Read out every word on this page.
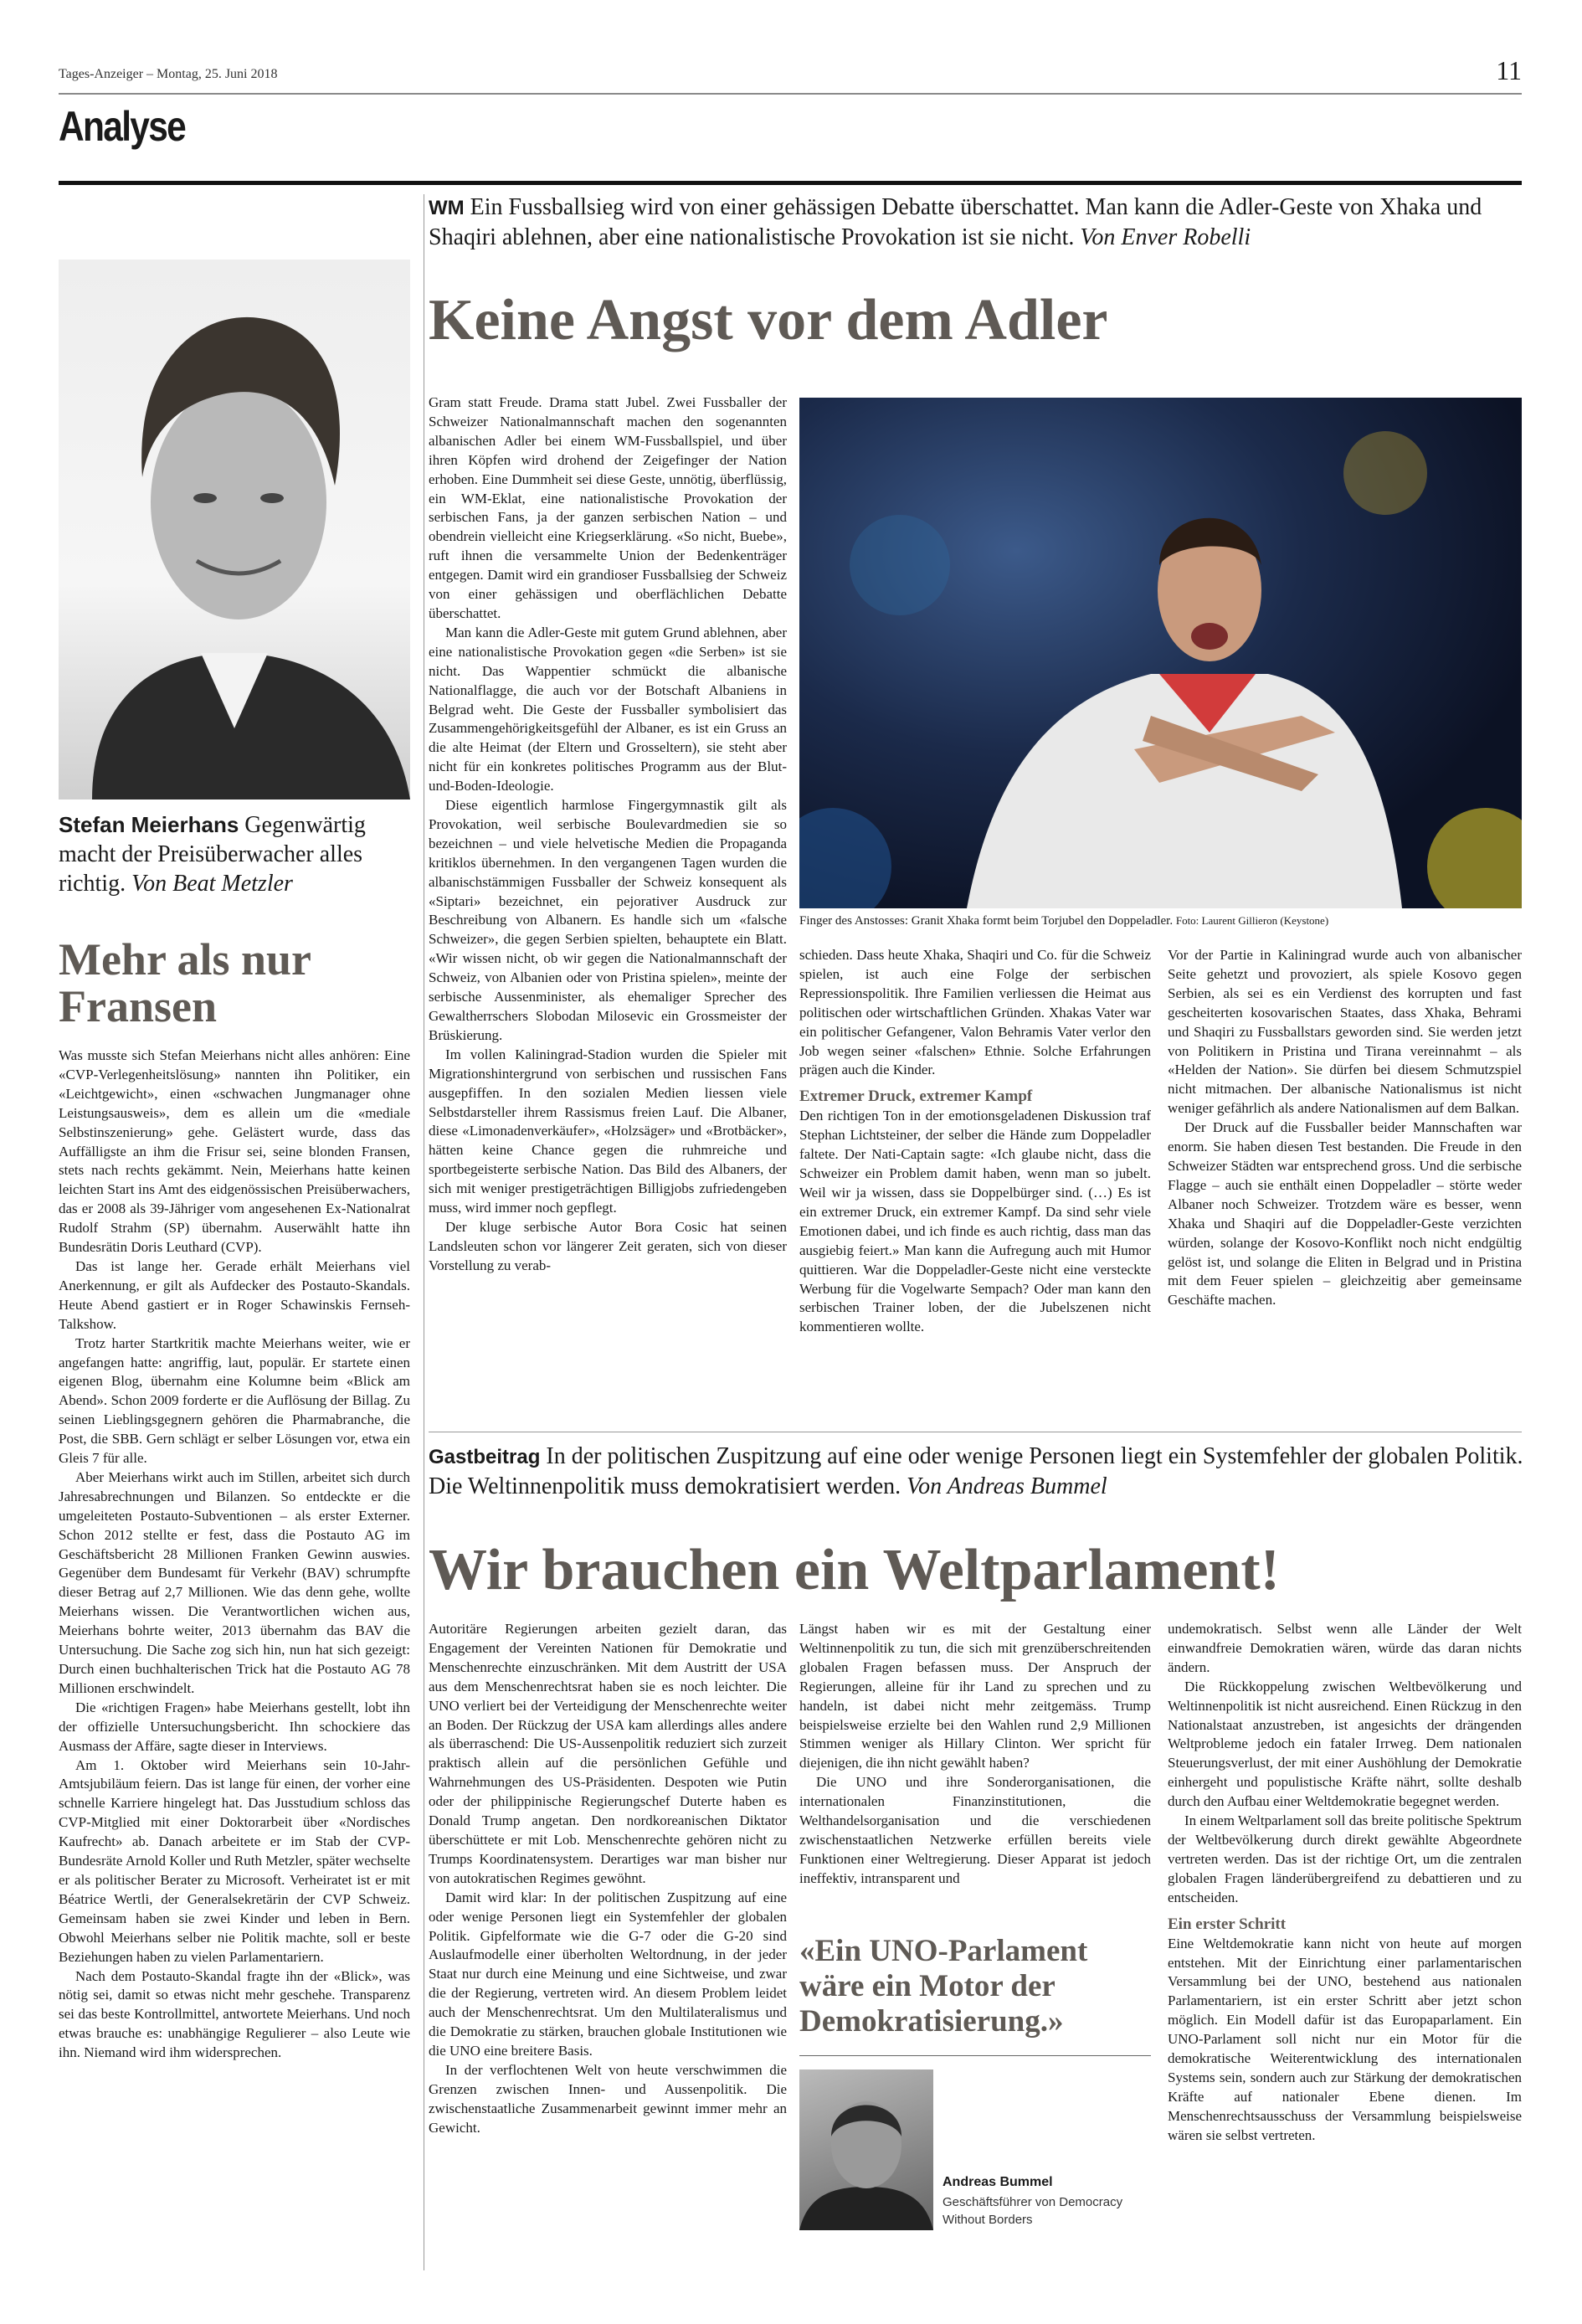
Tages-Anzeiger – Montag, 25. Juni 2018	11
Analyse
Stefan Meierhans Gegenwärtig macht der Preisüberwacher alles richtig. Von Beat Metzler
Mehr als nur Fransen

Was musste sich Stefan Meierhans nicht alles anhören: Eine «CVP-Verlegenheitslösung» nannten ihn Politiker, ein «Leichtgewicht», einen «schwachen Jungmanager ohne Leistungsausweis», dem es allein um die «mediale Selbstinszenierung» gehe. Gelästert wurde, dass das Auffälligste an ihm die Frisur sei, seine blonden Fransen, stets nach rechts gekämmt. Nein, Meierhans hatte keinen leichten Start ins Amt des eidgenössischen Preisüberwachers, das er 2008 als 39-Jähriger vom angesehenen Ex-Nationalrat Rudolf Strahm (SP) übernahm. Auserwählt hatte ihn Bundesrätin Doris Leuthard (CVP).

Das ist lange her. Gerade erhält Meierhans viel Anerkennung, er gilt als Aufdecker des Postauto-Skandals. Heute Abend gastiert er in Roger Schawinskis Fernseh-Talkshow.

Trotz harter Startkritik machte Meierhans weiter, wie er angefangen hatte: angriffig, laut, populär. Er startete einen eigenen Blog, übernahm eine Kolumne beim «Blick am Abend». Schon 2009 forderte er die Auflösung der Billag. Zu seinen Lieblingsgegnern gehören die Pharmabranche, die Post, die SBB. Gern schlägt er selber Lösungen vor, etwa ein Gleis 7 für alle.

Aber Meierhans wirkt auch im Stillen, arbeitet sich durch Jahresabrechnungen und Bilanzen. So entdeckte er die umgeleiteten Postauto-Subventionen – als erster Externer. Schon 2012 stellte er fest, dass die Postauto AG im Geschäftsbericht 28 Millionen Franken Gewinn auswies. Gegenüber dem Bundesamt für Verkehr (BAV) schrumpfte dieser Betrag auf 2,7 Millionen. Wie das denn gehe, wollte Meierhans wissen. Die Verantwortlichen wichen aus, Meierhans bohrte weiter, 2013 übernahm das BAV die Untersuchung. Die Sache zog sich hin, nun hat sich gezeigt: Durch einen buchhalterischen Trick hat die Postauto AG 78 Millionen erschwindelt.

Die «richtigen Fragen» habe Meierhans gestellt, lobt ihn der offizielle Untersuchungsbericht. Ihn schockiere das Ausmass der Affäre, sagte dieser in Interviews.

Am 1. Oktober wird Meierhans sein 10-Jahr-Amtsjubiläum feiern. Das ist lange für einen, der vorher eine schnelle Karriere hingelegt hat. Das Jusstudium schloss das CVP-Mitglied mit einer Doktorarbeit über «Nordisches Kaufrecht» ab. Danach arbeitete er im Stab der CVP-Bundesräte Arnold Koller und Ruth Metzler, später wechselte er als politischer Berater zu Microsoft. Verheiratet ist er mit Béatrice Wertli, der Generalsekretärin der CVP Schweiz. Gemeinsam haben sie zwei Kinder und leben in Bern. Obwohl Meierhans selber nie Politik machte, soll er beste Beziehungen haben zu vielen Parlamentariern.

Nach dem Postauto-Skandal fragte ihn der «Blick», was nötig sei, damit so etwas nicht mehr geschehe. Transparenz sei das beste Kontrollmittel, antwortete Meierhans. Und noch etwas brauche es: unabhängige Regulierer – also Leute wie ihn. Niemand wird ihm widersprechen.

WM Ein Fussballsieg wird von einer gehässigen Debatte überschattet. Man kann die Adler-Geste von Xhaka und Shaqiri ablehnen, aber eine nationalistische Provokation ist sie nicht. Von Enver Robelli
Keine Angst vor dem Adler

Gram statt Freude. Drama statt Jubel. Zwei Fussballer der Schweizer Nationalmannschaft machen den sogenannten albanischen Adler bei einem WM-Fussballspiel, und über ihren Köpfen wird drohend der Zeigefinger der Nation erhoben. Eine Dummheit sei diese Geste, unnötig, überflüssig, ein WM-Eklat, eine nationalistische Provokation der serbischen Fans, ja der ganzen serbischen Nation – und obendrein vielleicht eine Kriegserklärung. «So nicht, Buebe», ruft ihnen die versammelte Union der Bedenkenträger entgegen. Damit wird ein grandioser Fussballsieg der Schweiz von einer gehässigen und oberflächlichen Debatte überschattet.

Man kann die Adler-Geste mit gutem Grund ablehnen, aber eine nationalistische Provokation gegen «die Serben» ist sie nicht. Das Wappentier schmückt die albanische Nationalflagge, die auch vor der Botschaft Albaniens in Belgrad weht. Die Geste der Fussballer symbolisiert das Zusammengehörigkeitsgefühl der Albaner, es ist ein Gruss an die alte Heimat (der Eltern und Grosseltern), sie steht aber nicht für ein konkretes politisches Programm aus der Blut-und-Boden-Ideologie.

Diese eigentlich harmlose Fingergymnastik gilt als Provokation, weil serbische Boulevardmedien sie so bezeichnen – und viele helvetische Medien die Propaganda kritiklos übernehmen. In den vergangenen Tagen wurden die albanischstämmigen Fussballer der Schweiz konsequent als «Siptari» bezeichnet, ein pejorativer Ausdruck zur Beschreibung von Albanern. Es handle sich um «falsche Schweizer», die gegen Serbien spielten, behauptete ein Blatt. «Wir wissen nicht, ob wir gegen die Nationalmannschaft der Schweiz, von Albanien oder von Pristina spielen», meinte der serbische Aussenminister, als ehemaliger Sprecher des Gewaltherrschers Slobodan Milosevic ein Grossmeister der Brüskierung.

Im vollen Kaliningrad-Stadion wurden die Spieler mit Migrationshintergrund von serbischen und russischen Fans ausgepfiffen. In den sozialen Medien liessen viele Selbstdarsteller ihrem Rassismus freien Lauf. Die Albaner, diese «Limonadenverkäufer», «Holzsäger» und «Brotbäcker», hätten keine Chance gegen die ruhmreiche und sportbegeisterte serbische Nation. Das Bild des Albaners, der sich mit weniger prestigeträchtigen Billigjobs zufriedengeben muss, wird immer noch gepflegt.

Der kluge serbische Autor Bora Cosic hat seinen Landsleuten schon vor längerer Zeit geraten, sich von dieser Vorstellung zu verab-

Finger des Anstosses: Granit Xhaka formt beim Torjubel den Doppeladler. Foto: Laurent Gillieron (Keystone)

schieden. Dass heute Xhaka, Shaqiri und Co. für die Schweiz spielen, ist auch eine Folge der serbischen Repressionspolitik. Ihre Familien verliessen die Heimat aus politischen oder wirtschaftlichen Gründen. Xhakas Vater war ein politischer Gefangener, Valon Behramis Vater verlor den Job wegen seiner «falschen» Ethnie. Solche Erfahrungen prägen auch die Kinder.

Extremer Druck, extremer Kampf

Den richtigen Ton in der emotionsgeladenen Diskussion traf Stephan Lichtsteiner, der selber die Hände zum Doppeladler faltete. Der Nati-Captain sagte: «Ich glaube nicht, dass die Schweizer ein Problem damit haben, wenn man so jubelt. Weil wir ja wissen, dass sie Doppelbürger sind. (…) Es ist ein extremer Druck, ein extremer Kampf. Da sind sehr viele Emotionen dabei, und ich finde es auch richtig, dass man das ausgiebig feiert.» Man kann die Aufregung auch mit Humor quittieren. War die Doppeladler-Geste nicht eine versteckte Werbung für die Vogelwarte Sempach? Oder man kann den serbischen Trainer loben, der die Jubelszenen nicht kommentieren wollte.

Vor der Partie in Kaliningrad wurde auch von albanischer Seite gehetzt und provoziert, als spiele Kosovo gegen Serbien, als sei es ein Verdienst des korrupten und fast gescheiterten kosovarischen Staates, dass Xhaka, Behrami und Shaqiri zu Fussballstars geworden sind. Sie werden jetzt von Politikern in Pristina und Tirana vereinnahmt – als «Helden der Nation». Sie dürfen bei diesem Schmutzspiel nicht mitmachen. Der albanische Nationalismus ist nicht weniger gefährlich als andere Nationalismen auf dem Balkan.

Der Druck auf die Fussballer beider Mannschaften war enorm. Sie haben diesen Test bestanden. Die Freude in den Schweizer Städten war entsprechend gross. Und die serbische Flagge – auch sie enthält einen Doppeladler – störte weder Albaner noch Schweizer. Trotzdem wäre es besser, wenn Xhaka und Shaqiri auf die Doppeladler-Geste verzichten würden, solange der Kosovo-Konflikt noch nicht endgültig gelöst ist, und solange die Eliten in Belgrad und in Pristina mit dem Feuer spielen – gleichzeitig aber gemeinsame Geschäfte machen.

Gastbeitrag In der politischen Zuspitzung auf eine oder wenige Personen liegt ein Systemfehler der globalen Politik. Die Weltinnenpolitik muss demokratisiert werden. Von Andreas Bummel
Wir brauchen ein Weltparlament!

Autoritäre Regierungen arbeiten gezielt daran, das Engagement der Vereinten Nationen für Demokratie und Menschenrechte einzuschränken. Mit dem Austritt der USA aus dem Menschenrechtsrat haben sie es noch leichter. Die UNO verliert bei der Verteidigung der Menschenrechte weiter an Boden. Der Rückzug der USA kam allerdings alles andere als überraschend: Die US-Aussenpolitik reduziert sich zurzeit praktisch allein auf die persönlichen Gefühle und Wahrnehmungen des US-Präsidenten. Despoten wie Putin oder der philippinische Regierungschef Duterte haben es Donald Trump angetan. Den nordkoreanischen Diktator überschüttete er mit Lob. Menschenrechte gehören nicht zu Trumps Koordinatensystem. Derartiges war man bisher nur von autokratischen Regimes gewöhnt.

Damit wird klar: In der politischen Zuspitzung auf eine oder wenige Personen liegt ein Systemfehler der globalen Politik. Gipfelformate wie die G-7 oder die G-20 sind Auslaufmodelle einer überholten Weltordnung, in der jeder Staat nur durch eine Meinung und eine Sichtweise, und zwar die der Regierung, vertreten wird. An diesem Problem leidet auch der Menschenrechtsrat. Um den Multilateralismus und die Demokratie zu stärken, brauchen globale Institutionen wie die UNO eine breitere Basis.

In der verflochtenen Welt von heute verschwimmen die Grenzen zwischen Innen- und Aussenpolitik. Die zwischenstaatliche Zusammenarbeit gewinnt immer mehr an Gewicht.

Längst haben wir es mit der Gestaltung einer Weltinnenpolitik zu tun, die sich mit grenzüberschreitenden globalen Fragen befassen muss. Der Anspruch der Regierungen, alleine für ihr Land zu sprechen und zu handeln, ist dabei nicht mehr zeitgemäss. Trump beispielsweise erzielte bei den Wahlen rund 2,9 Millionen Stimmen weniger als Hillary Clinton. Wer spricht für diejenigen, die ihn nicht gewählt haben?

Die UNO und ihre Sonderorganisationen, die internationalen Finanzinstitutionen, die Welthandelsorganisation und die verschiedenen zwischenstaatlichen Netzwerke erfüllen bereits viele Funktionen einer Weltregierung. Dieser Apparat ist jedoch ineffektiv, intransparent und

«Ein UNO-Parlament wäre ein Motor der Demokratisierung.»
Andreas Bummel
Geschäftsführer von Democracy Without Borders

undemokratisch. Selbst wenn alle Länder der Welt einwandfreie Demokratien wären, würde das daran nichts ändern.

Die Rückkoppelung zwischen Weltbevölkerung und Weltinnenpolitik ist nicht ausreichend. Einen Rückzug in den Nationalstaat anzustreben, ist angesichts der drängenden Weltprobleme jedoch ein fataler Irrweg. Dem nationalen Steuerungsverlust, der mit einer Aushöhlung der Demokratie einhergeht und populistische Kräfte nährt, sollte deshalb durch den Aufbau einer Weltdemokratie begegnet werden.

In einem Weltparlament soll das breite politische Spektrum der Weltbevölkerung durch direkt gewählte Abgeordnete vertreten werden. Das ist der richtige Ort, um die zentralen globalen Fragen länderübergreifend zu debattieren und zu entscheiden.

Ein erster Schritt

Eine Weltdemokratie kann nicht von heute auf morgen entstehen. Mit der Einrichtung einer parlamentarischen Versammlung bei der UNO, bestehend aus nationalen Parlamentariern, ist ein erster Schritt aber jetzt schon möglich. Ein Modell dafür ist das Europaparlament. Ein UNO-Parlament soll nicht nur ein Motor für die demokratische Weiterentwicklung des internationalen Systems sein, sondern auch zur Stärkung der demokratischen Kräfte auf nationaler Ebene dienen. Im Menschenrechtsausschuss der Versammlung beispielsweise wären sie selbst vertreten.
